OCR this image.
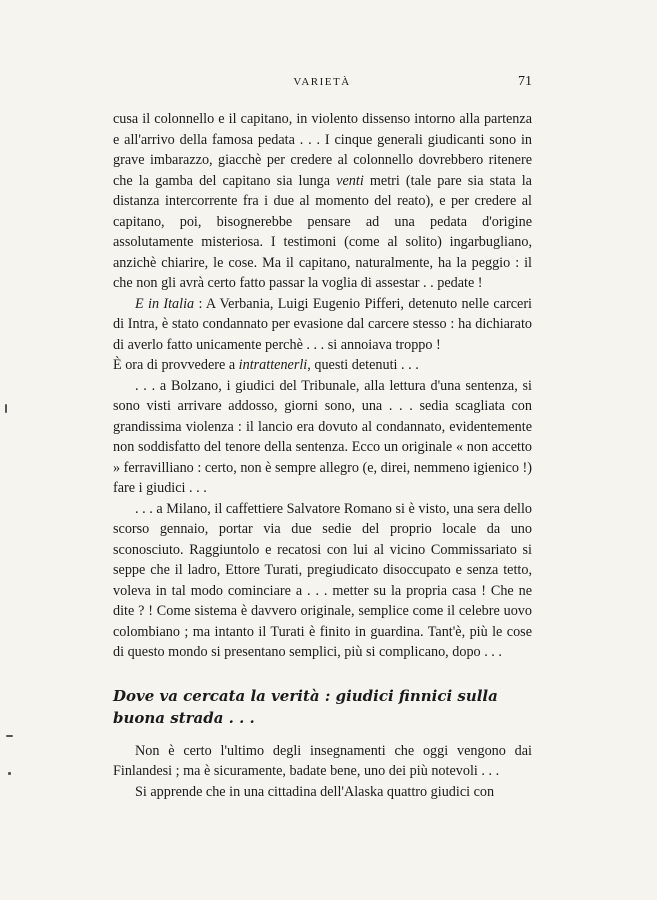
VARIETÀ	71

cusa il colonnello e il capitano, in violento dissenso intorno alla partenza e all'arrivo della famosa pedata . . . I cinque generali giudicanti sono in grave imbarazzo, giacchè per credere al colonnello dovrebbero ritenere che la gamba del capitano sia lunga venti metri (tale pare sia stata la distanza intercorrente fra i due al momento del reato), e per credere al capitano, poi, bisognerebbe pensare ad una pedata d'origine assolutamente misteriosa. I testimoni (come al solito) ingarbugliano, anzichè chiarire, le cose. Ma il capitano, naturalmente, ha la peggio : il che non gli avrà certo fatto passar la voglia di assestar . . pedate !

E in Italia : A Verbania, Luigi Eugenio Pifferi, detenuto nelle carceri di Intra, è stato condannato per evasione dal carcere stesso : ha dichiarato di averlo fatto unicamente perchè . . . si annoiava troppo !

È ora di provvedere a intrattenerli, questi detenuti . . .

. . . a Bolzano, i giudici del Tribunale, alla lettura d'una sentenza, si sono visti arrivare addosso, giorni sono, una . . . sedia scagliata con grandissima violenza : il lancio era dovuto al condannato, evidentemente non soddisfatto del tenore della sentenza. Ecco un originale « non accetto » ferravilliano : certo, non è sempre allegro (e, direi, nemmeno igienico !) fare i giudici . . .

. . . a Milano, il caffettiere Salvatore Romano si è visto, una sera dello scorso gennaio, portar via due sedie del proprio locale da uno sconosciuto. Raggiuntolo e recatosi con lui al vicino Commissariato si seppe che il ladro, Ettore Turati, pregiudicato disoccupato e senza tetto, voleva in tal modo cominciare a . . . metter su la propria casa ! Che ne dite ? ! Come sistema è davvero originale, semplice come il celebre uovo colombiano ; ma intanto il Turati è finito in guardina. Tant'è, più le cose di questo mondo si presentano semplici, più si complicano, dopo . . .

Dove va cercata la verità : giudici finnici sulla buona strada . . .

Non è certo l'ultimo degli insegnamenti che oggi vengono dai Finlandesi ; ma è sicuramente, badate bene, uno dei più notevoli . . .

Si apprende che in una cittadina dell'Alaska quattro giudici con
